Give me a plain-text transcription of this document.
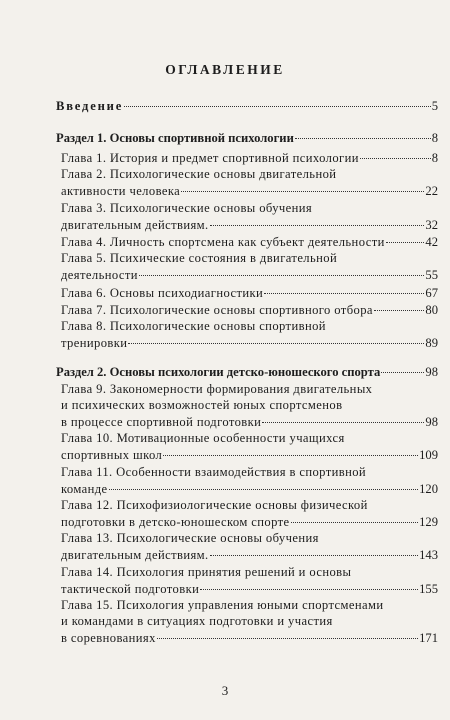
ОГЛАВЛЕНИЕ
Введение	5
Раздел 1. Основы спортивной психологии	8
Глава 1. История и предмет спортивной психологии	8
Глава 2. Психологические основы двигательной
активности человека	22
Глава 3. Психологические основы обучения
двигательным действиям.	32
Глава 4. Личность спортсмена как субъект деятельности	42
Глава 5. Психические состояния в двигательной
деятельности	55
Глава 6. Основы психодиагностики	67
Глава 7. Психологические основы спортивного отбора	80
Глава 8. Психологические основы спортивной
тренировки	89
Раздел 2. Основы психологии детско-юношеского спорта	98
Глава 9. Закономерности формирования двигательных
и психических возможностей юных спортсменов
в процессе спортивной подготовки	98
Глава 10. Мотивационные особенности учащихся
спортивных школ	109
Глава 11. Особенности взаимодействия в спортивной
команде	120
Глава 12. Психофизиологические основы физической
подготовки в детско-юношеском спорте	129
Глава 13. Психологические основы обучения
двигательным действиям.	143
Глава 14. Психология принятия решений и основы
тактической подготовки	155
Глава 15. Психология управления юными спортсменами
и командами в ситуациях подготовки и участия
в соревнованиях	171
3
